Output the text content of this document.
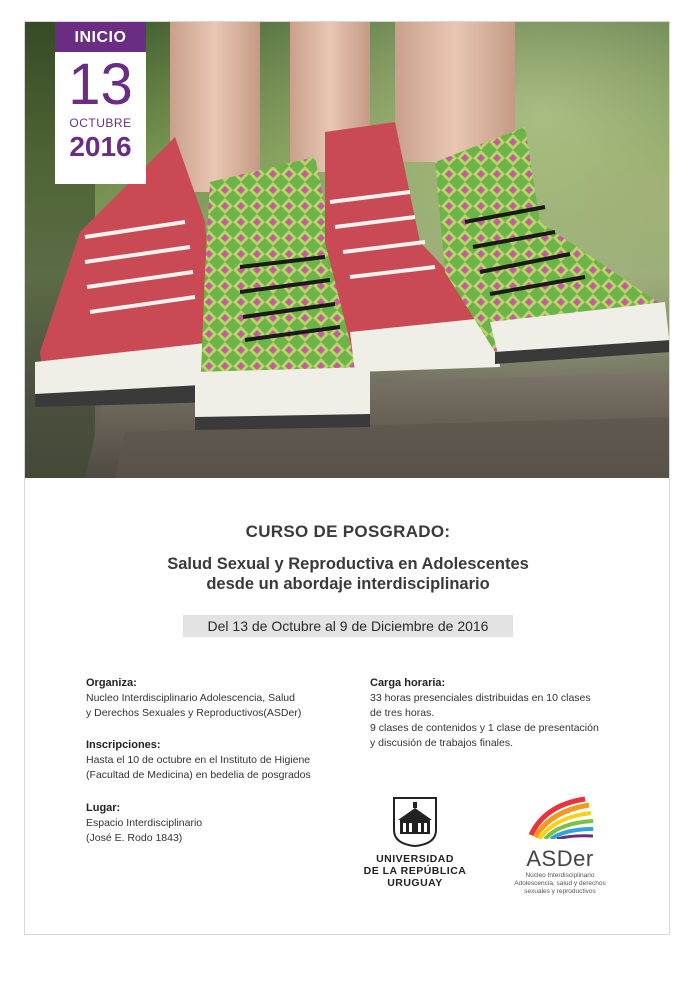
INICIO
13
OCTUBRE
2016
CURSO DE POSGRADO:
Salud Sexual y Reproductiva en Adolescentes
desde un abordaje interdisciplinario
Del 13 de Octubre al 9 de Diciembre de 2016
Organiza:
Nucleo Interdisciplinario Adolescencia, Salud
y Derechos Sexuales y Reproductivos(ASDer)
Inscripciones:
Hasta el 10 de octubre en el Instituto de Higiene
(Facultad de Medicina) en bedelia de posgrados
Lugar:
Espacio Interdisciplinario
(José E. Rodo 1843)
Carga horaria:
33 horas presenciales distribuidas en 10 clases
de tres horas.
9 clases de contenidos y 1 clase de presentación
y discusión de trabajos finales.
UNIVERSIDAD
DE LA REPÚBLICA
URUGUAY
ASDer
Núcleo Interdisciplinario
Adolescencia, salud y derechos
sexuales y reproductivos
